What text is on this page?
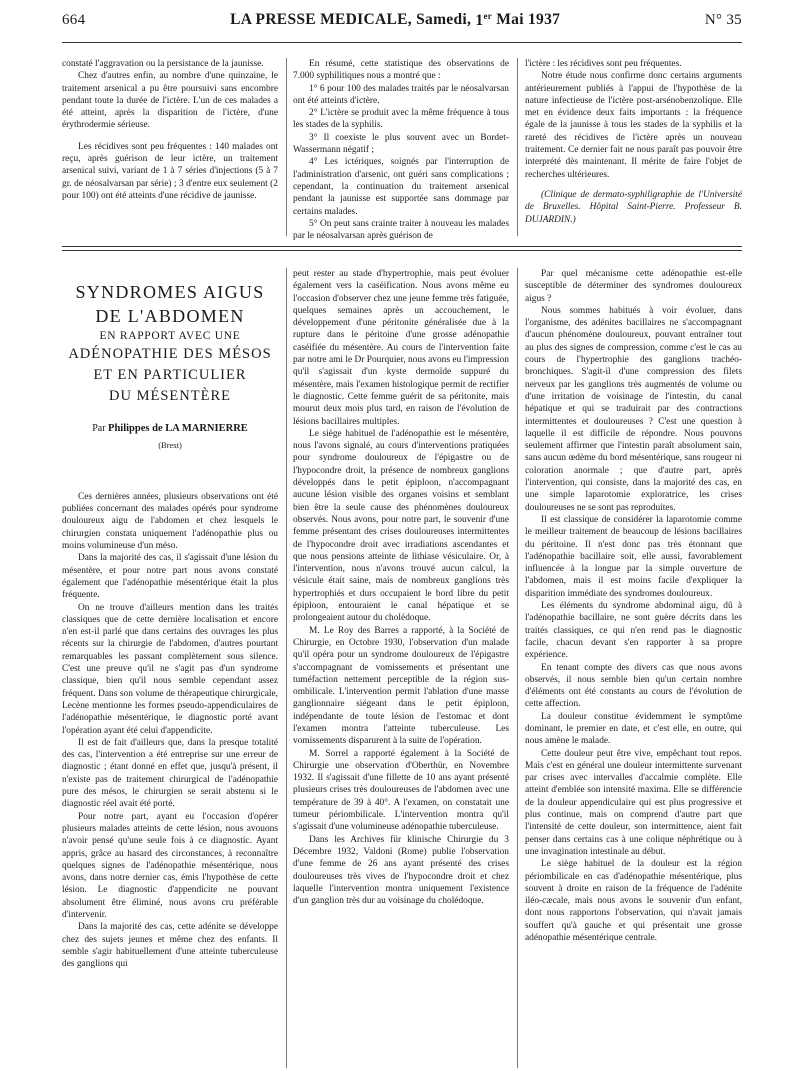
664	LA PRESSE MEDICALE, Samedi, 1er Mai 1937	N° 35

constaté l'aggravation ou la persistance de la jaunisse.

Chez d'autres enfin, au nombre d'une quinzaine, le traitement arsenical a pu être poursuivi sans encombre pendant toute la durée de l'ictère. L'un de ces malades a été atteint, après la disparition de l'ictère, d'une érythrodermie sérieuse.

Les récidives sont peu fréquentes : 140 malades ont reçu, après guérison de leur ictère, un traitement arsenical suivi, variant de 1 à 7 séries d'injections (5 à 7 gr. de néosalvarsan par série) ; 3 d'entre eux seulement (2 pour 100) ont été atteints d'une récidive de jaunisse.

En résumé, cette statistique des observations de 7.000 syphilitiques nous a montré que :

1° 6 pour 100 des malades traités par le néosalvarsan ont été atteints d'ictère.

2° L'ictère se produit avec la même fréquence à tous les stades de la syphilis.

3° Il coexiste le plus souvent avec un Bordet-Wassermann négatif ;

4° Les ictériques, soignés par l'interruption de l'administration d'arsenic, ont guéri sans complications ; cependant, la continuation du traitement arsenical pendant la jaunisse est supportée sans dommage par certains malades.

5° On peut sans crainte traiter à nouveau les malades par le néosalvarsan après guérison de

l'ictère : les récidives sont peu fréquentes.

Notre étude nous confirme donc certains arguments antérieurement publiés à l'appui de l'hypothèse de la nature infectieuse de l'ictère post-arsénobenzolique. Elle met en évidence deux faits importants : la fréquence égale de la jaunisse à tous les stades de la syphilis et la rareté des récidives de l'ictère après un nouveau traitement. Ce dernier fait ne nous paraît pas pouvoir être interprété dès maintenant. Il mérite de faire l'objet de recherches ultérieures.

(Clinique de dermato-syphiligraphie de l'Université de Bruxelles. Hôpital Saint-Pierre. Professeur B. DUJARDIN.)

SYNDROMES AIGUS
DE L'ABDOMEN
EN RAPPORT AVEC UNE
ADÉNOPATHIE DES MÉSOS
ET EN PARTICULIER
DU MÉSENTÈRE
Par Philippes de LA MARNIERRE
(Brest)

Ces dernières années, plusieurs observations ont été publiées concernant des malades opérés pour syndrome douloureux aigu de l'abdomen et chez lesquels le chirurgien constata uniquement l'adénopathie plus ou moins volumineuse d'un méso.

Dans la majorité des cas, il s'agissait d'une lésion du mésentère, et pour notre part nous avons constaté également que l'adénopathie mésentérique était la plus fréquente.

On ne trouve d'ailleurs mention dans les traités classiques que de cette dernière localisation et encore n'en est-il parlé que dans certains des ouvrages les plus récents sur la chirurgie de l'abdomen, d'autres pourtant remarquables les passant complètement sous silence. C'est une preuve qu'il ne s'agit pas d'un syndrome classique, bien qu'il nous semble cependant assez fréquent. Dans son volume de thérapeutique chirurgicale, Lecène mentionne les formes pseudo-appendiculaires de l'adénopathie mésentérique, le diagnostic porté avant l'opération ayant été celui d'appendicite.

Il est de fait d'ailleurs que, dans la presque totalité des cas, l'intervention a été entreprise sur une erreur de diagnostic ; étant donné en effet que, jusqu'à présent, il n'existe pas de traitement chirurgical de l'adénopathie pure des mésos, le chirurgien se serait abstenu si le diagnostic réel avait été porté.

Pour notre part, ayant eu l'occasion d'opérer plusieurs malades atteints de cette lésion, nous avouons n'avoir pensé qu'une seule fois à ce diagnostic. Ayant appris, grâce au hasard des circonstances, à reconnaître quelques signes de l'adénopathie mésentérique, nous avons, dans notre dernier cas, émis l'hypothèse de cette lésion. Le diagnostic d'appendicite ne pouvant absolument être éliminé, nous avons cru préférable d'intervenir.

Dans la majorité des cas, cette adénite se développe chez des sujets jeunes et même chez des enfants. Il semble s'agir habituellement d'une atteinte tuberculeuse des ganglions qui

peut rester au stade d'hypertrophie, mais peut évoluer également vers la caséification. Nous avons même eu l'occasion d'observer chez une jeune femme très fatiguée, quelques semaines après un accouchement, le développement d'une péritonite généralisée due à la rupture dans le péritoine d'une grosse adénopathie caséifiée du mésentère. Au cours de l'intervention faite par notre ami le Dr Pourquier, nous avons eu l'impression qu'il s'agissait d'un kyste dermoïde suppuré du mésentère, mais l'examen histologique permit de rectifier le diagnostic. Cette femme guérit de sa péritonite, mais mourut deux mois plus tard, en raison de l'évolution de lésions bacillaires multiples.

Le siège habituel de l'adénopathie est le mésentère, nous l'avons signalé, au cours d'interventions pratiquées pour syndrome douloureux de l'épigastre ou de l'hypocondre droit, la présence de nombreux ganglions développés dans le petit épiploon, n'accompagnant aucune lésion visible des organes voisins et semblant bien être la seule cause des phénomènes douloureux observés. Nous avons, pour notre part, le souvenir d'une femme présentant des crises douloureuses intermittentes de l'hypocondre droit avec irradiations ascendantes et que nous pensions atteinte de lithiase vésiculaire. Or, à l'intervention, nous n'avons trouvé aucun calcul, la vésicule était saine, mais de nombreux ganglions très hypertrophiés et durs occupaient le bord libre du petit épiploon, entouraient le canal hépatique et se prolongeaient autour du cholédoque.

M. Le Roy des Barres a rapporté, à la Société de Chirurgie, en Octobre 1930, l'observation d'un malade qu'il opéra pour un syndrome douloureux de l'épigastre s'accompagnant de vomissements et présentant une tuméfaction nettement perceptible de la région sus-ombilicale. L'intervention permit l'ablation d'une masse ganglionnaire siégeant dans le petit épiploon, indépendante de toute lésion de l'estomac et dont l'examen montra l'atteinte tuberculeuse. Les vomissements disparurent à la suite de l'opération.

M. Sorrel a rapporté également à la Société de Chirurgie une observation d'Oberthür, en Novembre 1932. Il s'agissait d'une fillette de 10 ans ayant présenté plusieurs crises très douloureuses de l'abdomen avec une température de 39 à 40°. A l'examen, on constatait une tumeur périombilicale. L'intervention montra qu'il s'agissait d'une volumineuse adénopathie tuberculeuse.

Dans les Archives für klinische Chirurgie du 3 Décembre 1932, Valdoni (Rome) publie l'observation d'une femme de 26 ans ayant présenté des crises douloureuses très vives de l'hypocondre droit et chez laquelle l'intervention montra uniquement l'existence d'un ganglion très dur au voisinage du cholédoque.

Par quel mécanisme cette adénopathie est-elle susceptible de déterminer des syndromes douloureux aigus ?

Nous sommes habitués à voir évoluer, dans l'organisme, des adénites bacillaires ne s'accompagnant d'aucun phénomène douloureux, pouvant entraîner tout au plus des signes de compression, comme c'est le cas au cours de l'hypertrophie des ganglions trachéo-bronchiques. S'agit-il d'une compression des filets nerveux par les ganglions très augmentés de volume ou d'une irritation de voisinage de l'intestin, du canal hépatique et qui se traduirait par des contractions intermittentes et douloureuses ? C'est une question à laquelle il est difficile de répondre. Nous pouvons seulement affirmer que l'intestin paraît absolument sain, sans aucun œdème du bord mésentérique, sans rougeur ni coloration anormale ; que d'autre part, après l'intervention, qui consiste, dans la majorité des cas, en une simple laparotomie exploratrice, les crises douloureuses ne se sont pas reproduites.

Il est classique de considérer la laparotomie comme le meilleur traitement de beaucoup de lésions bacillaires du péritoine. Il n'est donc pas très étonnant que l'adénopathie bacillaire soit, elle aussi, favorablement influencée à la longue par la simple ouverture de l'abdomen, mais il est moins facile d'expliquer la disparition immédiate des syndromes douloureux.

Les éléments du syndrome abdominal aigu, dû à l'adénopathie bacillaire, ne sont guère décrits dans les traités classiques, ce qui n'en rend pas le diagnostic facile, chacun devant s'en rapporter à sa propre expérience.

En tenant compte des divers cas que nous avons observés, il nous semble bien qu'un certain nombre d'éléments ont été constants au cours de l'évolution de cette affection.

La douleur constitue évidemment le symptôme dominant, le premier en date, et c'est elle, en outre, qui nous amène le malade.

Cette douleur peut être vive, empêchant tout repos. Mais c'est en général une douleur intermittente survenant par crises avec intervalles d'accalmie complète. Elle atteint d'emblée son intensité maxima. Elle se différencie de la douleur appendiculaire qui est plus progressive et plus continue, mais on comprend d'autre part que l'intensité de cette douleur, son intermittence, aient fait penser dans certains cas à une colique néphrétique ou à une invagination intestinale au début.

Le siège habituel de la douleur est la région périombilicale en cas d'adénopathie mésentérique, plus souvent à droite en raison de la fréquence de l'adénite iléo-cæcale, mais nous avons le souvenir d'un enfant, dont nous rapportons l'observation, qui n'avait jamais souffert qu'à gauche et qui présentait une grosse adénopathie mésentérique centrale.
